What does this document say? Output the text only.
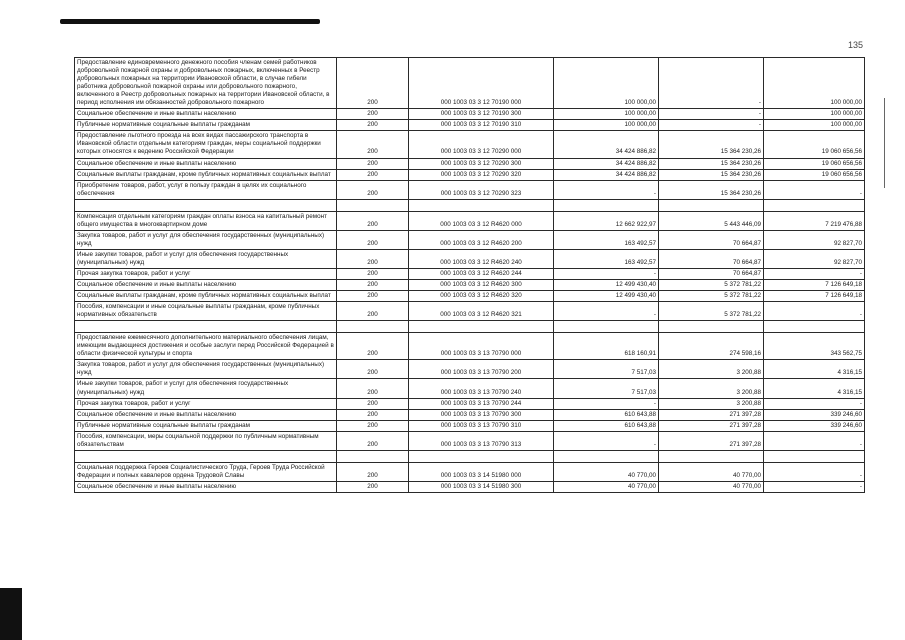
135
Предоставление единовременного денежного пособия членам семей работников добровольной пожарной охраны и добровольных пожарных, включенных в Реестр добровольных пожарных на территории Ивановской области, в случае гибели работника добровольной пожарной охраны или добровольного пожарного, включенного в Реестр добровольных пожарных на территории Ивановской области, в период исполнения им обязанностей добровольного пожарного	200	000 1003 03 3 12 70190 000	100 000,00	-	100 000,00
Социальное обеспечение и иные выплаты населению	200	000 1003 03 3 12 70190 300	100 000,00	-	100 000,00
Публичные нормативные социальные выплаты гражданам	200	000 1003 03 3 12 70190 310	100 000,00	-	100 000,00
Предоставление льготного проезда на всех видах пассажирского транспорта в Ивановской области отдельным категориям граждан, меры социальной поддержки которых относятся к ведению Российской Федерации	200	000 1003 03 3 12 70290 000	34 424 886,82	15 364 230,26	19 060 656,56
Социальное обеспечение и иные выплаты населению	200	000 1003 03 3 12 70290 300	34 424 886,82	15 364 230,26	19 060 656,56
Социальные выплаты гражданам, кроме публичных нормативных социальных выплат	200	000 1003 03 3 12 70290 320	34 424 886,82	15 364 230,26	19 060 656,56
Приобретение товаров, работ, услуг в пользу граждан в целях их социального обеспечения	200	000 1003 03 3 12 70290 323	-	15 364 230,26	-

Компенсация отдельным категориям граждан оплаты взноса на капитальный ремонт общего имущества в многоквартирном доме	200	000 1003 03 3 12 R4620 000	12 662 922,97	5 443 446,09	7 219 476,88
Закупка товаров, работ и услуг для обеспечения государственных (муниципальных) нужд	200	000 1003 03 3 12 R4620 200	163 492,57	70 664,87	92 827,70
Иные закупки товаров, работ и услуг для обеспечения государственных (муниципальных) нужд	200	000 1003 03 3 12 R4620 240	163 492,57	70 664,87	92 827,70
Прочая закупка товаров, работ и услуг	200	000 1003 03 3 12 R4620 244	-	70 664,87	-
Социальное обеспечение и иные выплаты населению	200	000 1003 03 3 12 R4620 300	12 499 430,40	5 372 781,22	7 126 649,18
Социальные выплаты гражданам, кроме публичных нормативных социальных выплат	200	000 1003 03 3 12 R4620 320	12 499 430,40	5 372 781,22	7 126 649,18
Пособия, компенсации и иные социальные выплаты гражданам, кроме публичных нормативных обязательств	200	000 1003 03 3 12 R4620 321	-	5 372 781,22	-

Предоставление ежемесячного дополнительного материального обеспечения лицам, имеющим выдающиеся достижения и особые заслуги перед Российской Федерацией в области физической культуры и спорта	200	000 1003 03 3 13 70790 000	618 160,91	274 598,16	343 562,75
Закупка товаров, работ и услуг для обеспечения государственных (муниципальных) нужд	200	000 1003 03 3 13 70790 200	7 517,03	3 200,88	4 316,15
Иные закупки товаров, работ и услуг для обеспечения государственных (муниципальных) нужд	200	000 1003 03 3 13 70790 240	7 517,03	3 200,88	4 316,15
Прочая закупка товаров, работ и услуг	200	000 1003 03 3 13 70790 244	-	3 200,88	-
Социальное обеспечение и иные выплаты населению	200	000 1003 03 3 13 70790 300	610 643,88	271 397,28	339 246,60
Публичные нормативные социальные выплаты гражданам	200	000 1003 03 3 13 70790 310	610 643,88	271 397,28	339 246,60
Пособия, компенсации, меры социальной поддержки по публичным нормативным обязательствам	200	000 1003 03 3 13 70790 313	-	271 397,28	-

Социальная поддержка Героев Социалистического Труда, Героев Труда Российской Федерации и полных кавалеров ордена Трудовой Славы	200	000 1003 03 3 14 51980 000	40 770,00	40 770,00	-
Социальное обеспечение и иные выплаты населению	200	000 1003 03 3 14 51980 300	40 770,00	40 770,00	-
